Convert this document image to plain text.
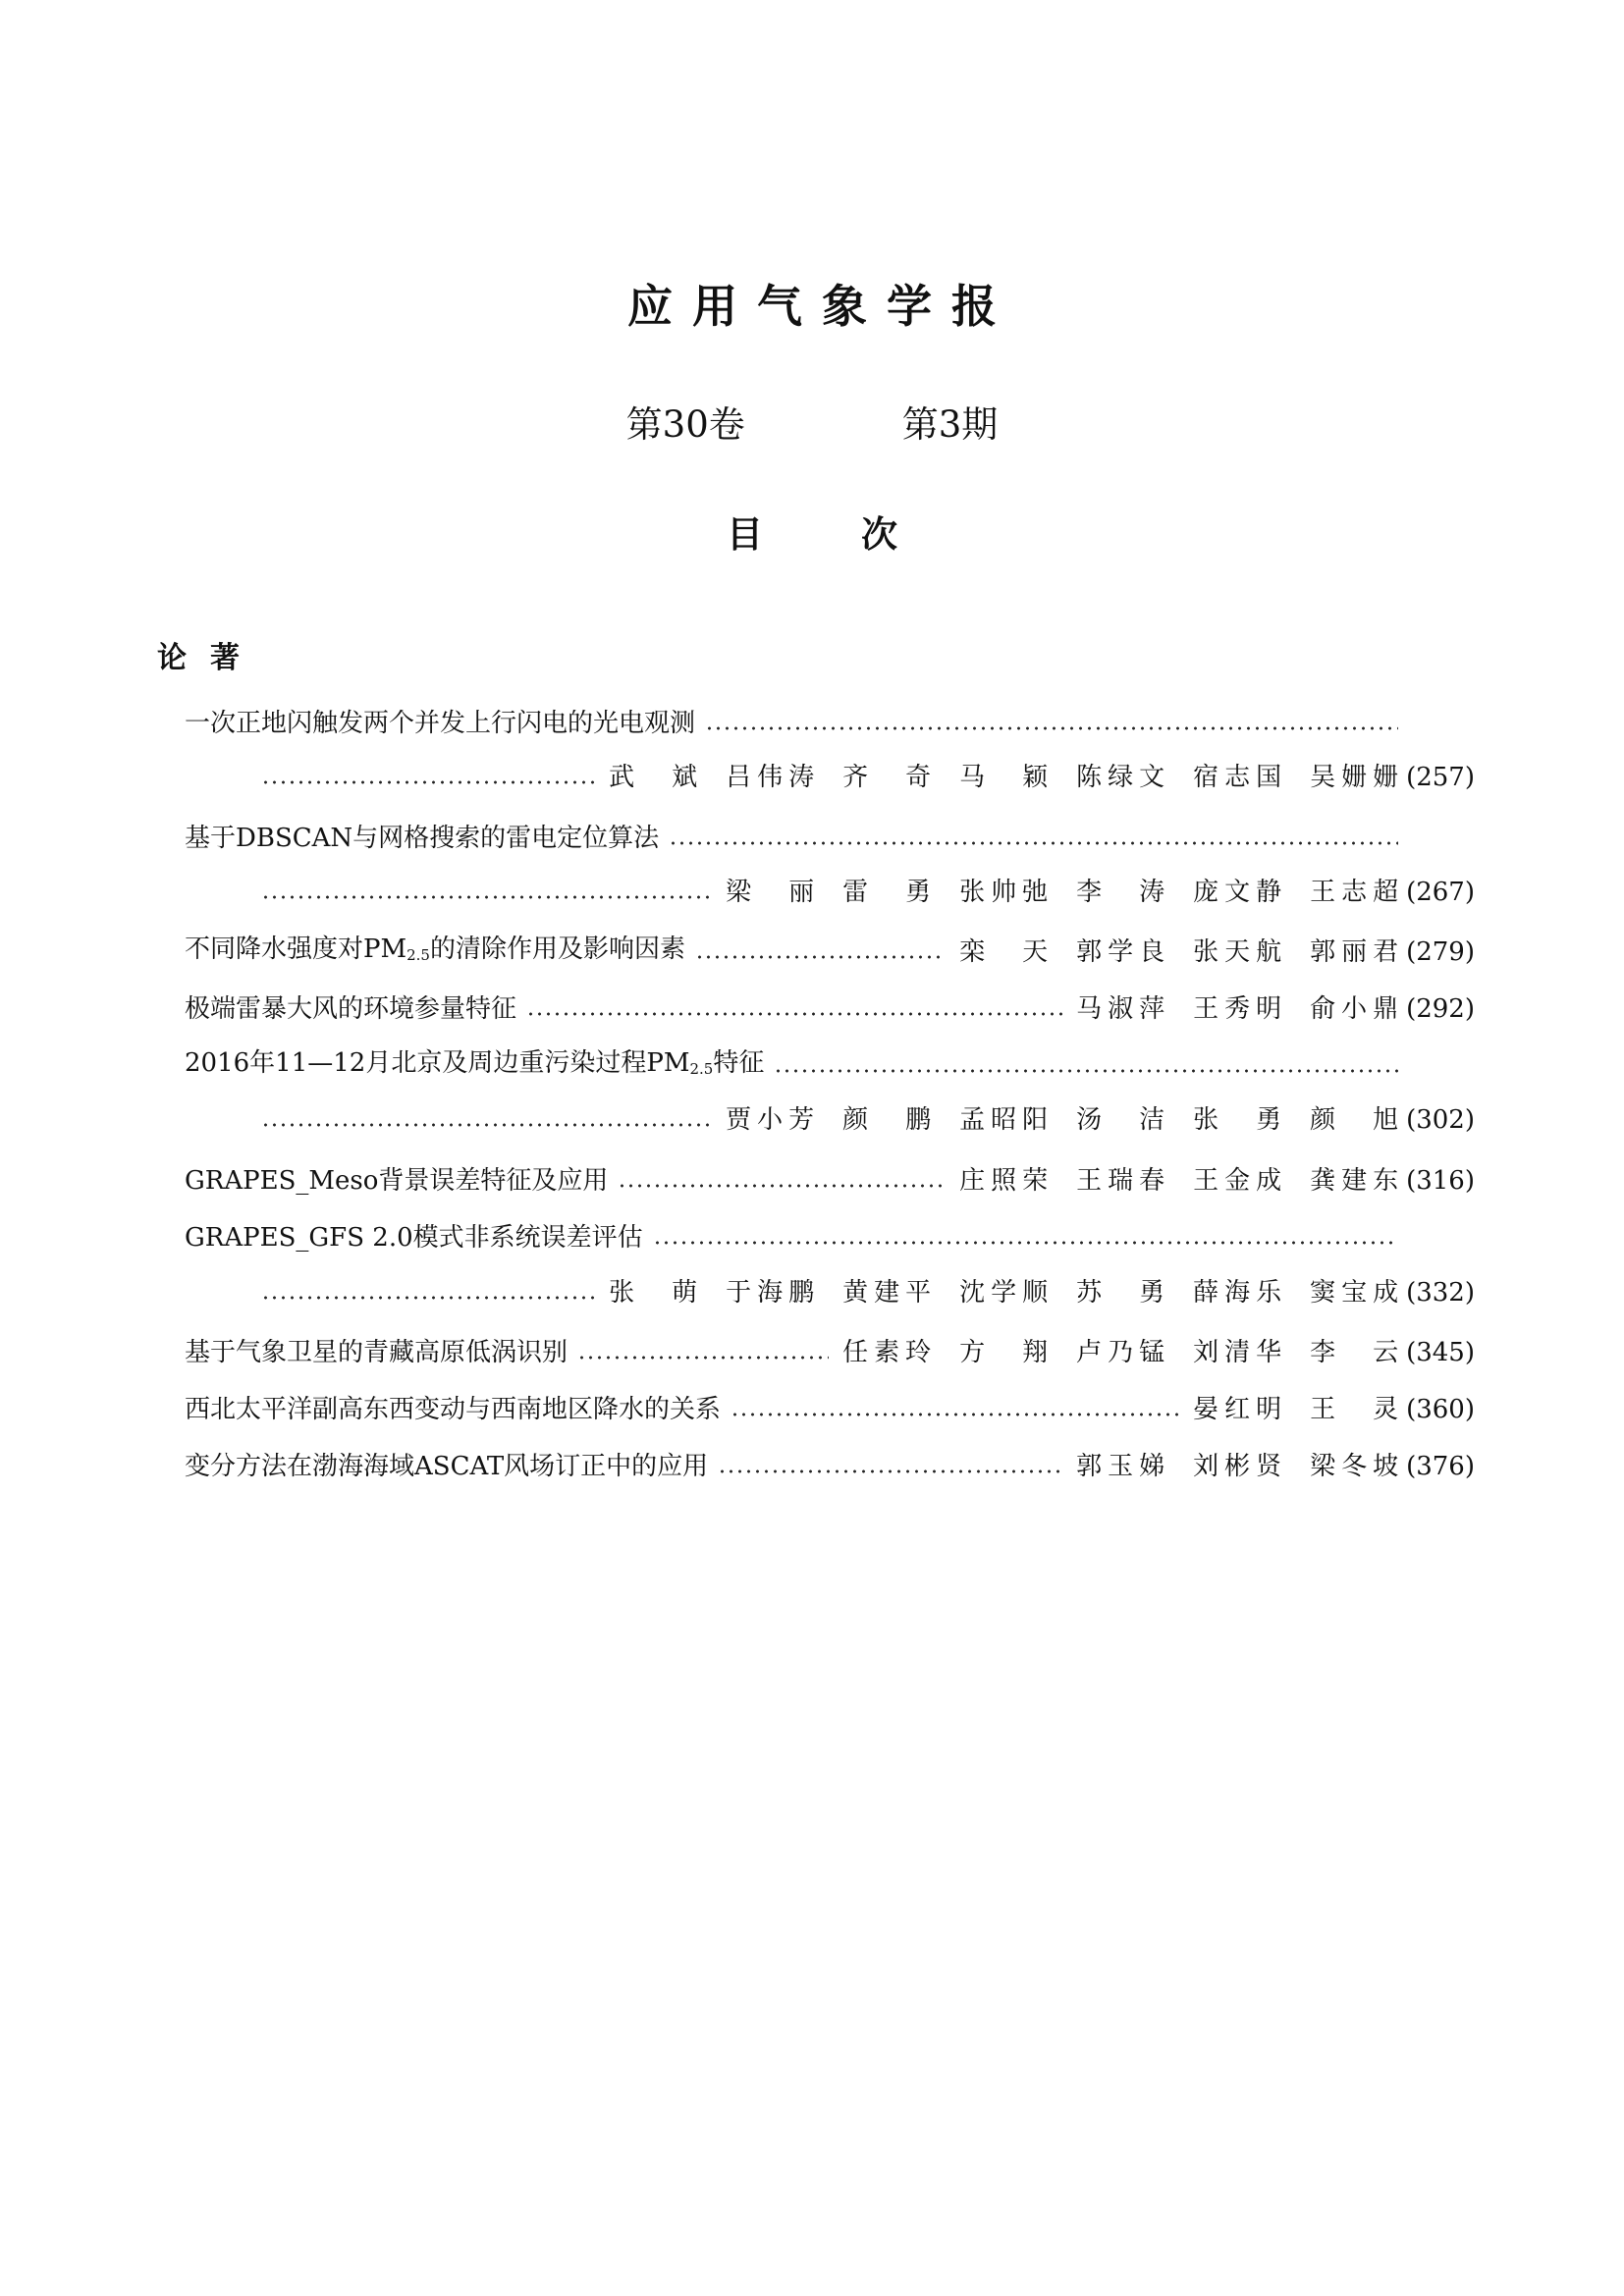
应用气象学报
第30卷	第3期
目	次
论著
一次正地闪触发两个并发上行闪电的光电观测
武斌 吕伟涛 齐奇 马颖 陈绿文 宿志国 吴姗姗 (257)
基于DBSCAN与网格搜索的雷电定位算法
梁丽 雷勇 张帅弛 李涛 庞文静 王志超 (267)
不同降水强度对$PM_{2.5}$的清除作用及影响因素	栾天 郭学良 张天航 郭丽君 (279)
极端雷暴大风的环境参量特征	马淑萍 王秀明 俞小鼎 (292)
2016年11—12月北京及周边重污染过程$PM_{2.5}$特征
贾小芳 颜鹏 孟昭阳 汤洁 张勇 颜旭 (302)
GRAPES_Meso背景误差特征及应用	庄照荣 王瑞春 王金成 龚建东 (316)
GRAPES_GFS 2.0模式非系统误差评估
张萌 于海鹏 黄建平 沈学顺 苏勇 薛海乐 窦宝成 (332)
基于气象卫星的青藏高原低涡识别	任素玲 方翔 卢乃锰 刘清华 李云 (345)
西北太平洋副高东西变动与西南地区降水的关系	晏红明 王灵 (360)
变分方法在渤海海域ASCAT风场订正中的应用	郭玉娣 刘彬贤 梁冬坡 (376)
